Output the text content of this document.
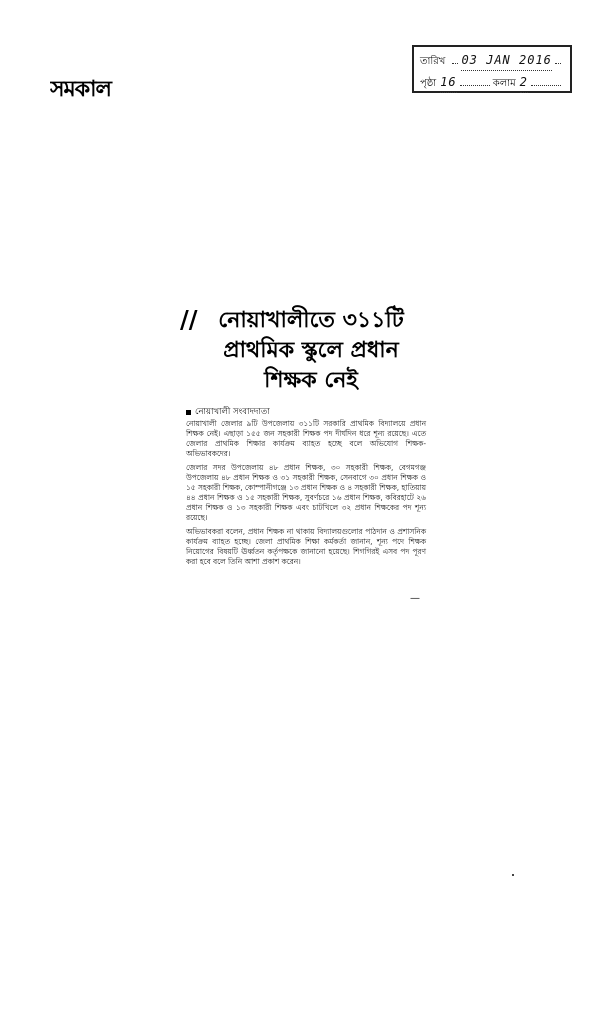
সমকাল
তারিখ 03 JAN 2016
পৃষ্ঠা 16	কলাম 2
// নোয়াখালীতে ৩১১টি
প্রাথমিক স্কুলে প্রধান
শিক্ষক নেই
নোয়াখালী সংবাদদাতা

নোয়াখালী জেলার ৯টি উপজেলায় ৩১১টি সরকারি প্রাথমিক বিদ্যালয়ে প্রধান শিক্ষক নেই। এছাড়া ১৫৫ জন সহকারী শিক্ষক পদ দীর্ঘদিন ধরে শূন্য রয়েছে। এতে জেলার প্রাথমিক শিক্ষার কার্যক্রম ব্যাহত হচ্ছে বলে অভিযোগ শিক্ষক-অভিভাবকদের।

জেলার সদর উপজেলায় ৪৮ প্রধান শিক্ষক, ৩০ সহকারী শিক্ষক, বেগমগঞ্জ উপজেলায় ৪৮ প্রধান শিক্ষক ও ৩১ সহকারী শিক্ষক, সেনবাগে ৩০ প্রধান শিক্ষক ও ১৫ সহকারী শিক্ষক, কোম্পানীগঞ্জে ১৩ প্রধান শিক্ষক ও ৪ সহকারী শিক্ষক, হাতিয়ায় ৪৪ প্রধান শিক্ষক ও ১৫ সহকারী শিক্ষক, সুবর্ণচরে ১৬ প্রধান শিক্ষক, কবিরহাটে ২৬ প্রধান শিক্ষক ও ১৩ সহকারী শিক্ষক এবং চাটখিলে ৩২ প্রধান শিক্ষকের পদ শূন্য রয়েছে।

অভিভাবকরা বলেন, প্রধান শিক্ষক না থাকায় বিদ্যালয়গুলোর পাঠদান ও প্রশাসনিক কার্যক্রম ব্যাহত হচ্ছে। জেলা প্রাথমিক শিক্ষা কর্মকর্তা জানান, শূন্য পদে শিক্ষক নিয়োগের বিষয়টি ঊর্ধ্বতন কর্তৃপক্ষকে জানানো হয়েছে। শিগগিরই এসব পদ পূরণ করা হবে বলে তিনি আশা প্রকাশ করেন।

—
